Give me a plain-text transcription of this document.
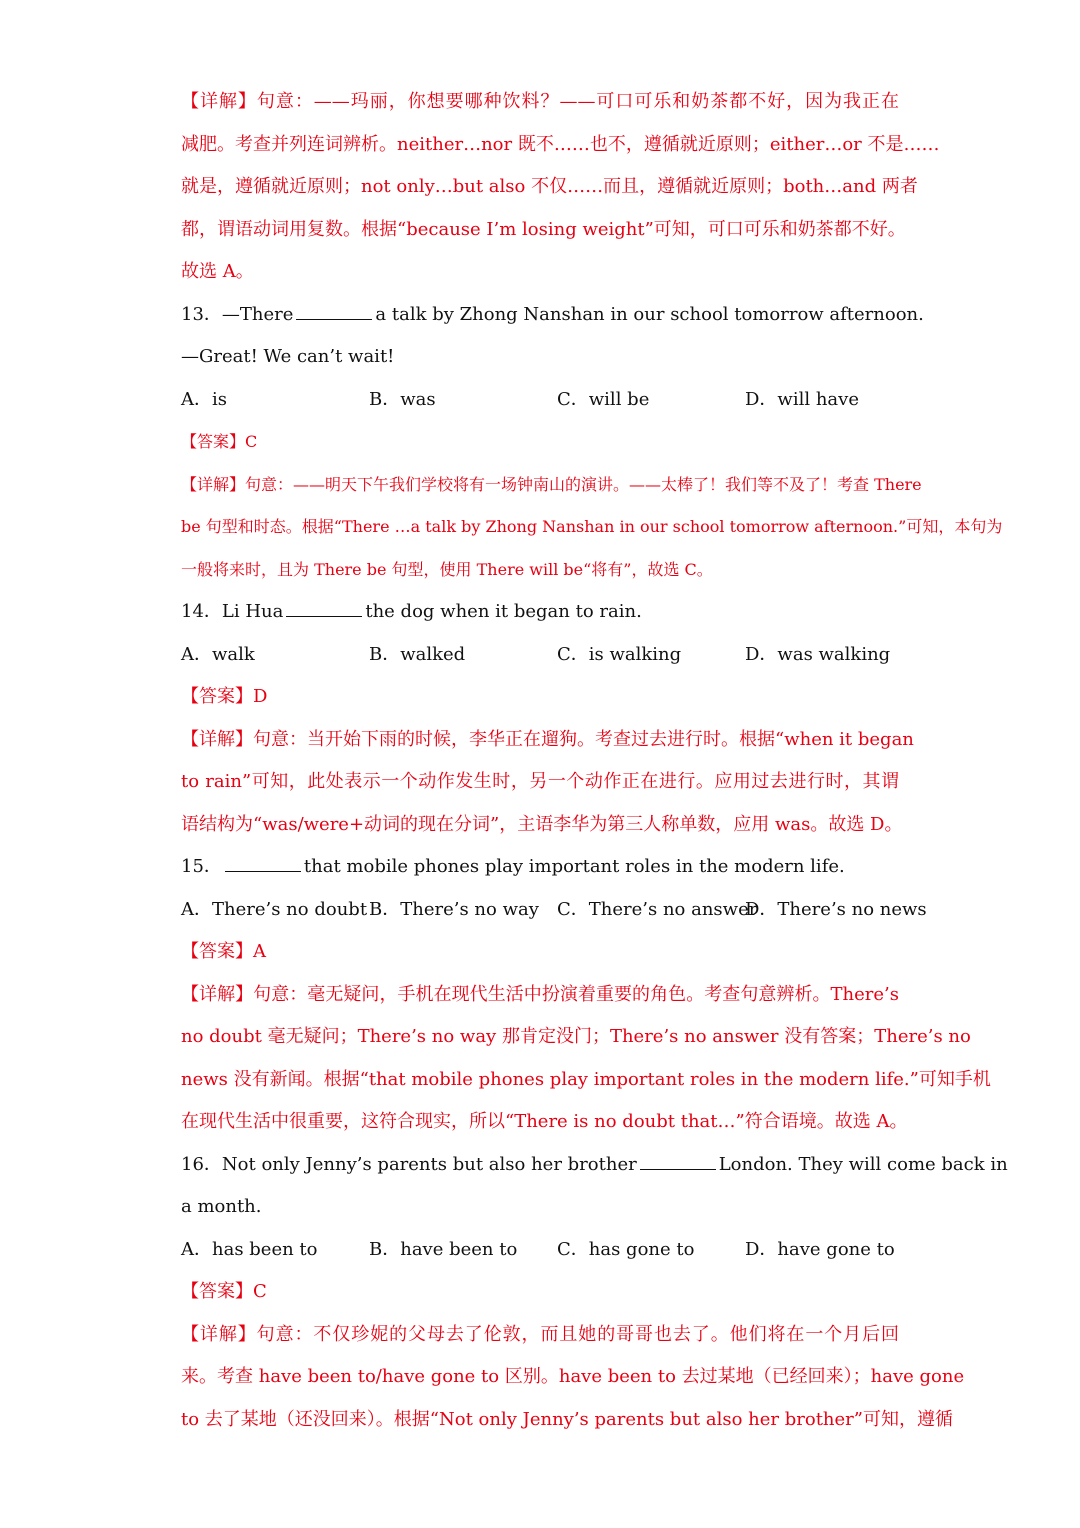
【详解】句意：——玛丽，你想要哪种饮料？——可口可乐和奶茶都不好，因为我正在
减肥。考查并列连词辨析。neither…nor 既不……也不，遵循就近原则；either…or 不是……
就是，遵循就近原则；not only…but also 不仅……而且，遵循就近原则；both…and 两者
都，谓语动词用复数。根据“because I’m losing weight”可知，可口可乐和奶茶都不好。
故选 A。
13．—There	a talk by Zhong Nanshan in our school tomorrow afternoon.
—Great! We can’t wait!
A．is	B．was	C．will be	D．will have
【答案】C
【详解】句意：——明天下午我们学校将有一场钟南山的演讲。——太棒了！我们等不及了！考查 There
be 句型和时态。根据“There …a talk by Zhong Nanshan in our school tomorrow afternoon.”可知，本句为
一般将来时，且为 There be 句型，使用 There will be“将有”，故选 C。
14．Li Hua	the dog when it began to rain.
A．walk	B．walked	C．is walking	D．was walking
【答案】D
【详解】句意：当开始下雨的时候，李华正在遛狗。考查过去进行时。根据“when it began
to rain”可知，此处表示一个动作发生时，另一个动作正在进行。应用过去进行时，其谓
语结构为“was/were+动词的现在分词”，主语李华为第三人称单数，应用 was。故选 D。
15．	that mobile phones play important roles in the modern life.
A．There’s no doubt B．There’s no way	C．There’s no answer
D．There’s no news
【答案】A
【详解】句意：毫无疑问，手机在现代生活中扮演着重要的角色。考查句意辨析。There’s
no doubt 毫无疑问；There’s no way 那肯定没门；There’s no answer 没有答案；There’s no
news 没有新闻。根据“that mobile phones play important roles in the modern life.”可知手机
在现代生活中很重要，这符合现实，所以“There is no doubt that…”符合语境。故选 A。
16．Not only Jenny’s parents but also her brother	London. They will come back in
a month.
A．has been to	B．have been to	C．has gone to	D．have gone to
【答案】C
【详解】句意：不仅珍妮的父母去了伦敦，而且她的哥哥也去了。他们将在一个月后回
来。考查 have been to/have gone to 区别。have been to 去过某地（已经回来）；have gone
to 去了某地（还没回来）。根据“Not only Jenny’s parents but also her brother”可知，遵循
